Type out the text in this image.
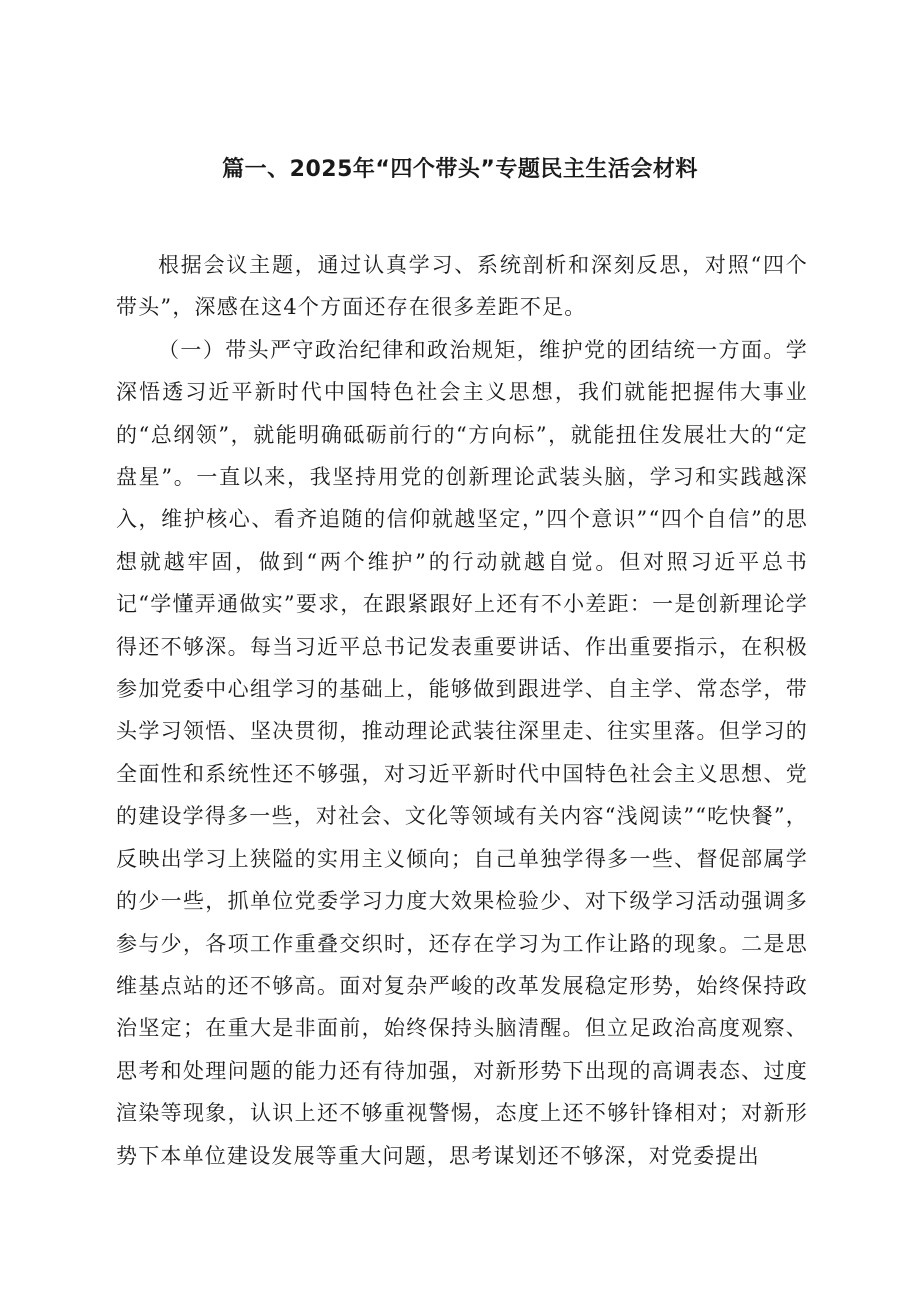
篇一、2025年“四个带头”专题民主生活会材料

根据会议主题，通过认真学习、系统剖析和深刻反思，对照“四个带头”，深感在这4个方面还存在很多差距不足。

（一）带头严守政治纪律和政治规矩，维护党的团结统一方面。学深悟透习近平新时代中国特色社会主义思想，我们就能把握伟大事业的“总纲领”，就能明确砥砺前行的“方向标”，就能扭住发展壮大的“定盘星”。一直以来，我坚持用党的创新理论武装头脑，学习和实践越深入，维护核心、看齐追随的信仰就越坚定，”四个意识”“四个自信”的思想就越牢固，做到“两个维护”的行动就越自觉。但对照习近平总书记“学懂弄通做实”要求，在跟紧跟好上还有不小差距：一是创新理论学得还不够深。每当习近平总书记发表重要讲话、作出重要指示，在积极参加党委中心组学习的基础上，能够做到跟进学、自主学、常态学，带头学习领悟、坚决贯彻，推动理论武装往深里走、往实里落。但学习的全面性和系统性还不够强，对习近平新时代中国特色社会主义思想、党的建设学得多一些，对社会、文化等领域有关内容“浅阅读”“吃快餐”，反映出学习上狭隘的实用主义倾向；自己单独学得多一些、督促部属学的少一些，抓单位党委学习力度大效果检验少、对下级学习活动强调多参与少，各项工作重叠交织时，还存在学习为工作让路的现象。二是思维基点站的还不够高。面对复杂严峻的改革发展稳定形势，始终保持政治坚定；在重大是非面前，始终保持头脑清醒。但立足政治高度观察、思考和处理问题的能力还有待加强，对新形势下出现的高调表态、过度渲染等现象，认识上还不够重视警惕，态度上还不够针锋相对；对新形势下本单位建设发展等重大问题，思考谋划还不够深，对党委提出
